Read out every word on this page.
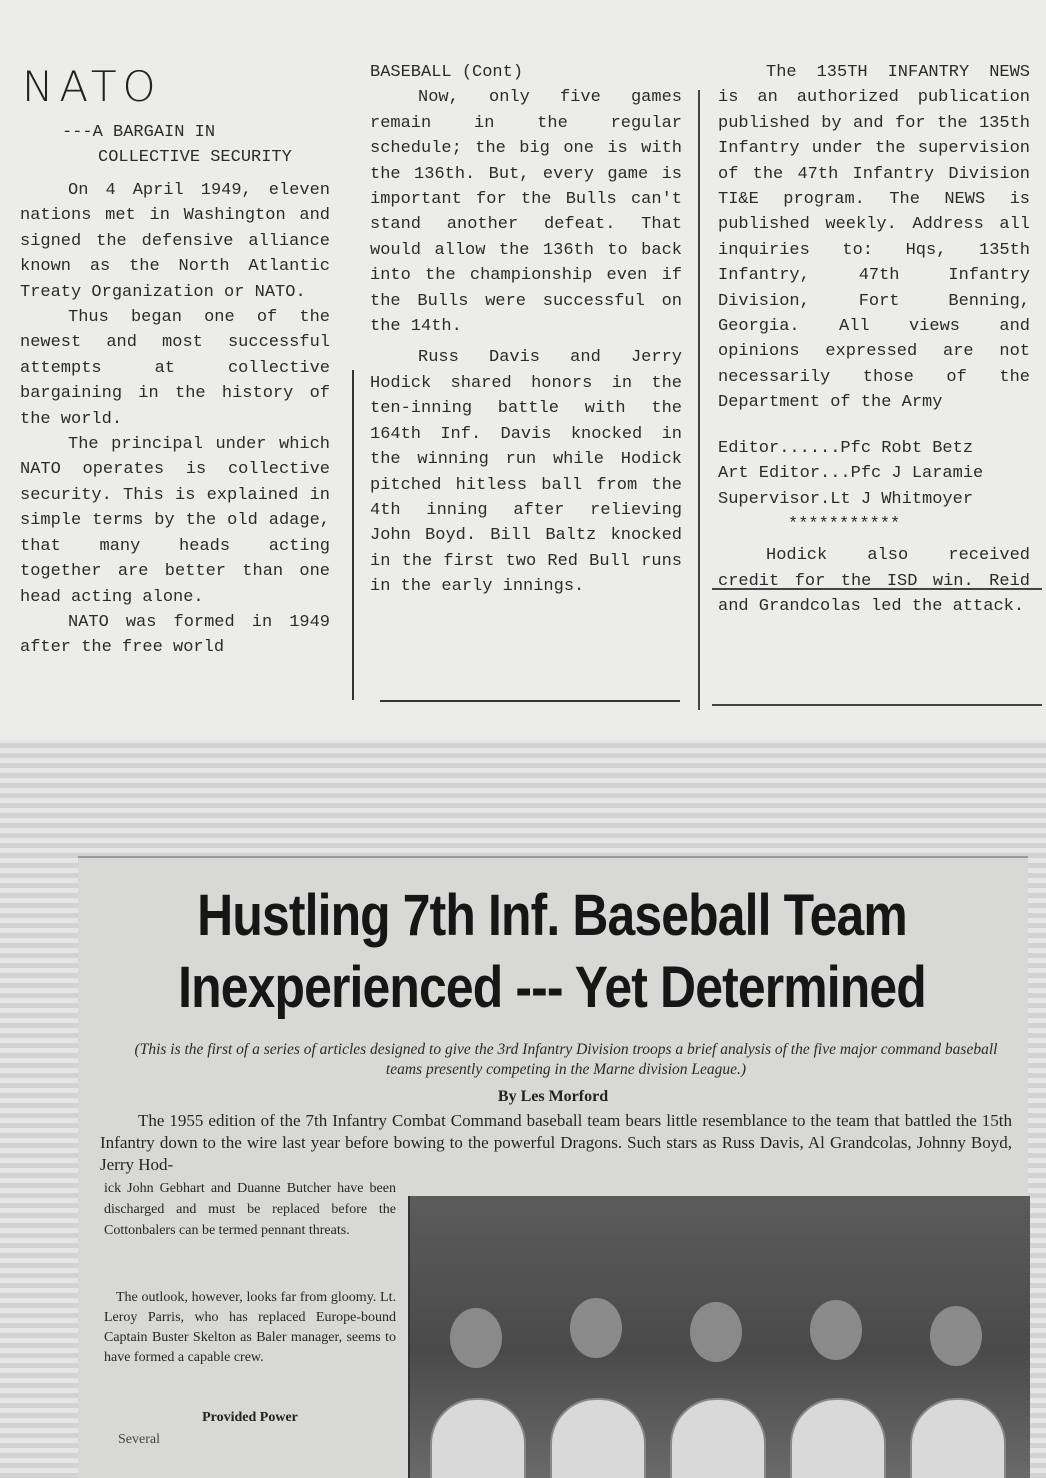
NATO

---A BARGAIN IN

COLLECTIVE SECURITY

On 4 April 1949, eleven nations met in Washington and signed the defensive alliance known as the North Atlantic Treaty Organization or NATO.

Thus began one of the newest and most successful attempts at collective bargaining in the history of the world.

The principal under which NATO operates is collective security. This is explained in simple terms by the old adage, that many heads acting together are better than one head acting alone.

NATO was formed in 1949 after the free world

BASEBALL (Cont)

Now, only five games remain in the regular schedule; the big one is with the 136th. But, every game is important for the Bulls can't stand another defeat. That would allow the 136th to back into the championship even if the Bulls were successful on the 14th.

Russ Davis and Jerry Hodick shared honors in the ten-inning battle with the 164th Inf. Davis knocked in the winning run while Hodick pitched hitless ball from the 4th inning after relieving John Boyd. Bill Baltz knocked in the first two Red Bull runs in the early innings.

The 135TH INFANTRY NEWS is an authorized publication published by and for the 135th Infantry under the supervision of the 47th Infantry Division TI&E program. The NEWS is published weekly. Address all inquiries to: Hqs, 135th Infantry, 47th Infantry Division, Fort Benning, Georgia. All views and opinions expressed are not necessarily those of the Department of the Army

Editor......Pfc Robt Betz

Art Editor...Pfc J Laramie

Supervisor.Lt J Whitmoyer

***********

Hodick also received credit for the ISD win. Reid and Grandcolas led the attack.

Hustling 7th Inf. Baseball Team
Inexperienced --- Yet Determined

(This is the first of a series of articles designed to give the 3rd Infantry Division troops a brief analysis of the five major command baseball teams presently competing in the Marne division League.)

By Les Morford

The 1955 edition of the 7th Infantry Combat Command baseball team bears little resemblance to the team that battled the 15th Infantry down to the wire last year before bowing to the powerful Dragons. Such stars as Russ Davis, Al Grandcolas, Johnny Boyd, Jerry Hod-

ick John Gebhart and Duanne Butcher have been discharged and must be replaced before the Cottonbalers can be termed pennant threats.

The outlook, however, looks far from gloomy. Lt. Leroy Parris, who has replaced Europe-bound Captain Buster Skelton as Baler manager, seems to have formed a capable crew.

Provided Power

Several
